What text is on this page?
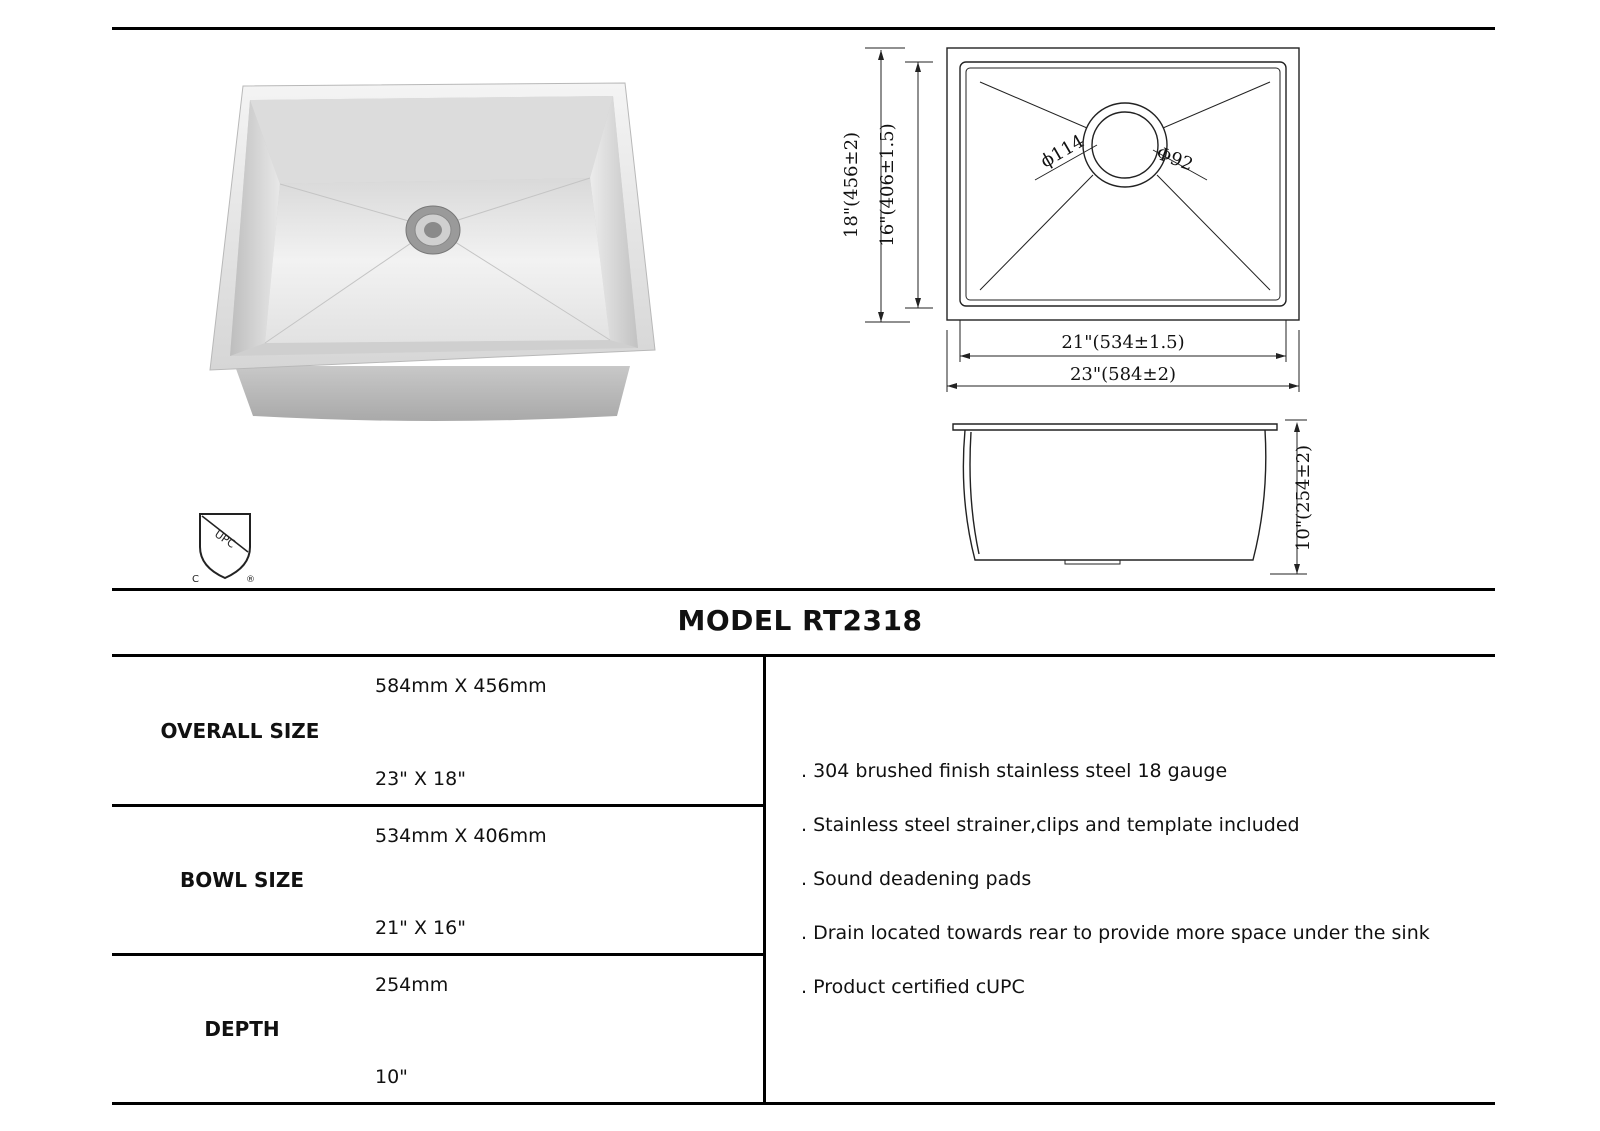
UPC
C	®
18"(456±2) 16"(406±1.5)	ϕ114	Φ92
21"(534±1.5)
23"(584±2)
10"(254±2)
MODEL RT2318
OVERALL SIZE
584mm X 456mm
23" X 18"
BOWL SIZE
534mm X 406mm
21" X 16"
DEPTH
254mm
10"
. 304 brushed finish stainless steel 18 gauge
. Stainless steel strainer,clips and template included
. Sound deadening pads
. Drain located towards rear to provide more space under the sink
. Product certified cUPC
